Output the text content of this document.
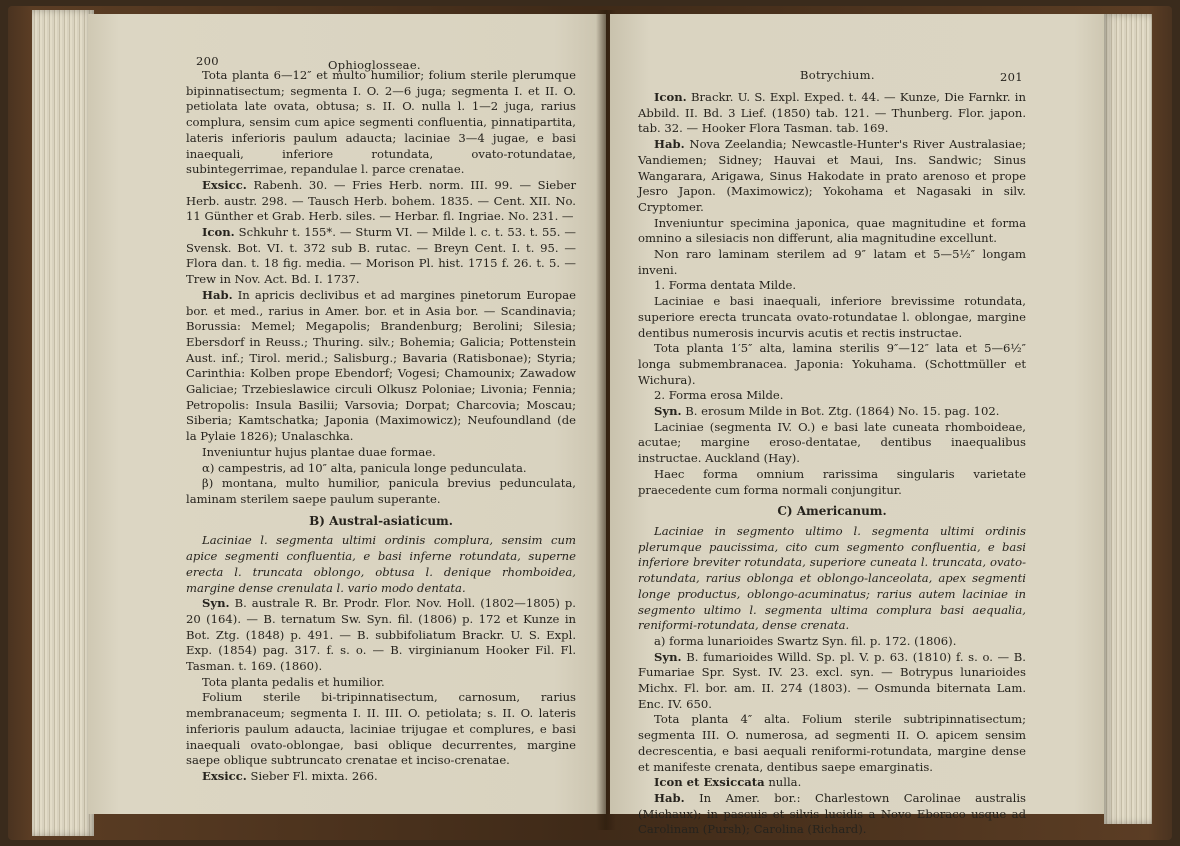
200	Ophioglosseae.

Tota planta 6—12″ et multo humilior; folium sterile plerumque bipinnatisectum; segmenta I. O. 2—6 juga; segmenta I. et II. O. petiolata late ovata, obtusa; s. II. O. nulla l. 1—2 juga, rarius complura, sensim cum apice segmenti confluentia, pinnatipartita, lateris inferioris paulum adaucta; laciniae 3—4 jugae, e basi inaequali, inferiore rotundata, ovato-rotundatae, subintegerrimae, repandulae l. parce crenatae.

Exsicc. Rabenh. 30. — Fries Herb. norm. III. 99. — Sieber Herb. austr. 298. — Tausch Herb. bohem. 1835. — Cent. XII. No. 11 Günther et Grab. Herb. siles. — Herbar. fl. Ingriae. No. 231. —

Icon. Schkuhr t. 155*. — Sturm VI. — Milde l. c. t. 53. t. 55. — Svensk. Bot. VI. t. 372 sub B. rutac. — Breyn Cent. I. t. 95. — Flora dan. t. 18 fig. media. — Morison Pl. hist. 1715 f. 26. t. 5. — Trew in Nov. Act. Bd. I. 1737.

Hab. In apricis declivibus et ad margines pinetorum Europae bor. et med., rarius in Amer. bor. et in Asia bor. — Scandinavia; Borussia: Memel; Megapolis; Brandenburg; Berolini; Silesia; Ebersdorf in Reuss.; Thuring. silv.; Bohemia; Galicia; Pottenstein Aust. inf.; Tirol. merid.; Salisburg.; Bavaria (Ratisbonae); Styria; Carinthia: Kolben prope Ebendorf; Vogesi; Chamounix; Zawadow Galiciae; Trzebieslawice circuli Olkusz Poloniae; Livonia; Fennia; Petropolis: Insula Basilii; Varsovia; Dorpat; Charcovia; Moscau; Siberia; Kamtschatka; Japonia (Maximowicz); Neufoundland (de la Pylaie 1826); Unalaschka.

Inveniuntur hujus plantae duae formae.

α) campestris, ad 10″ alta, panicula longe pedunculata.

β) montana, multo humilior, panicula brevius pedunculata, laminam sterilem saepe paulum superante.

B) Austral-asiaticum.

Laciniae l. segmenta ultimi ordinis complura, sensim cum apice segmenti confluentia, e basi inferne rotundata, superne erecta l. truncata oblongo, obtusa l. denique rhomboidea, margine dense crenulata l. vario modo dentata.

Syn. B. australe R. Br. Prodr. Flor. Nov. Holl. (1802—1805) p. 20 (164). — B. ternatum Sw. Syn. fil. (1806) p. 172 et Kunze in Bot. Ztg. (1848) p. 491. — B. subbifoliatum Brackr. U. S. Expl. Exp. (1854) pag. 317. f. s. o. — B. virginianum Hooker Fil. Fl. Tasman. t. 169. (1860).

Tota planta pedalis et humilior.

Folium sterile bi-tripinnatisectum, carnosum, rarius membranaceum; segmenta I. II. III. O. petiolata; s. II. O. lateris inferioris paulum adaucta, laciniae trijugae et complures, e basi inaequali ovato-oblongae, basi oblique decurrentes, margine saepe oblique subtruncato crenatae et inciso-crenatae.

Exsicc. Sieber Fl. mixta. 266.

Botrychium.	201

Icon. Brackr. U. S. Expl. Exped. t. 44. — Kunze, Die Farnkr. in Abbild. II. Bd. 3 Lief. (1850) tab. 121. — Thunberg. Flor. japon. tab. 32. — Hooker Flora Tasman. tab. 169.

Hab. Nova Zeelandia; Newcastle-Hunter's River Australasiae; Vandiemen; Sidney; Hauvai et Maui, Ins. Sandwic; Sinus Wangarara, Arigawa, Sinus Hakodate in prato arenoso et prope Jesro Japon. (Maximowicz); Yokohama et Nagasaki in silv. Cryptomer.

Inveniuntur specimina japonica, quae magnitudine et forma omnino a silesiacis non differunt, alia magnitudine excellunt.

Non raro laminam sterilem ad 9″ latam et 5—5½″ longam inveni.

1. Forma dentata Milde.

Laciniae e basi inaequali, inferiore brevissime rotundata, superiore erecta truncata ovato-rotundatae l. oblongae, margine dentibus numerosis incurvis acutis et rectis instructae.

Tota planta 1′5″ alta, lamina sterilis 9″—12″ lata et 5—6½″ longa submembranacea. Japonia: Yokuhama. (Schottmüller et Wichura).

2. Forma erosa Milde.

Syn. B. erosum Milde in Bot. Ztg. (1864) No. 15. pag. 102.

Laciniae (segmenta IV. O.) e basi late cuneata rhomboideae, acutae; margine eroso-dentatae, dentibus inaequalibus instructae. Auckland (Hay).

Haec forma omnium rarissima singularis varietate praecedente cum forma normali conjungitur.

C) Americanum.

Laciniae in segmento ultimo l. segmenta ultimi ordinis plerumque paucissima, cito cum segmento confluentia, e basi inferiore breviter rotundata, superiore cuneata l. truncata, ovato-rotundata, rarius oblonga et oblongo-lanceolata, apex segmenti longe productus, oblongo-acuminatus; rarius autem laciniae in segmento ultimo l. segmenta ultima complura basi aequalia, reniformi-rotundata, dense crenata.

a) forma lunarioides Swartz Syn. fil. p. 172. (1806).

Syn. B. fumarioides Willd. Sp. pl. V. p. 63. (1810) f. s. o. — B. Fumariae Spr. Syst. IV. 23. excl. syn. — Botrypus lunarioides Michx. Fl. bor. am. II. 274 (1803). — Osmunda biternata Lam. Enc. IV. 650.

Tota planta 4″ alta. Folium sterile subtripinnatisectum; segmenta III. O. numerosa, ad segmenti II. O. apicem sensim decrescentia, e basi aequali reniformi-rotundata, margine dense et manifeste crenata, dentibus saepe emarginatis.

Icon et Exsiccata nulla.

Hab. In Amer. bor.: Charlestown Carolinae australis (Michaux); in pascuis et silvis lucidis a Novo Eboraco usque ad Carolinam (Pursh); Carolina (Richard).
